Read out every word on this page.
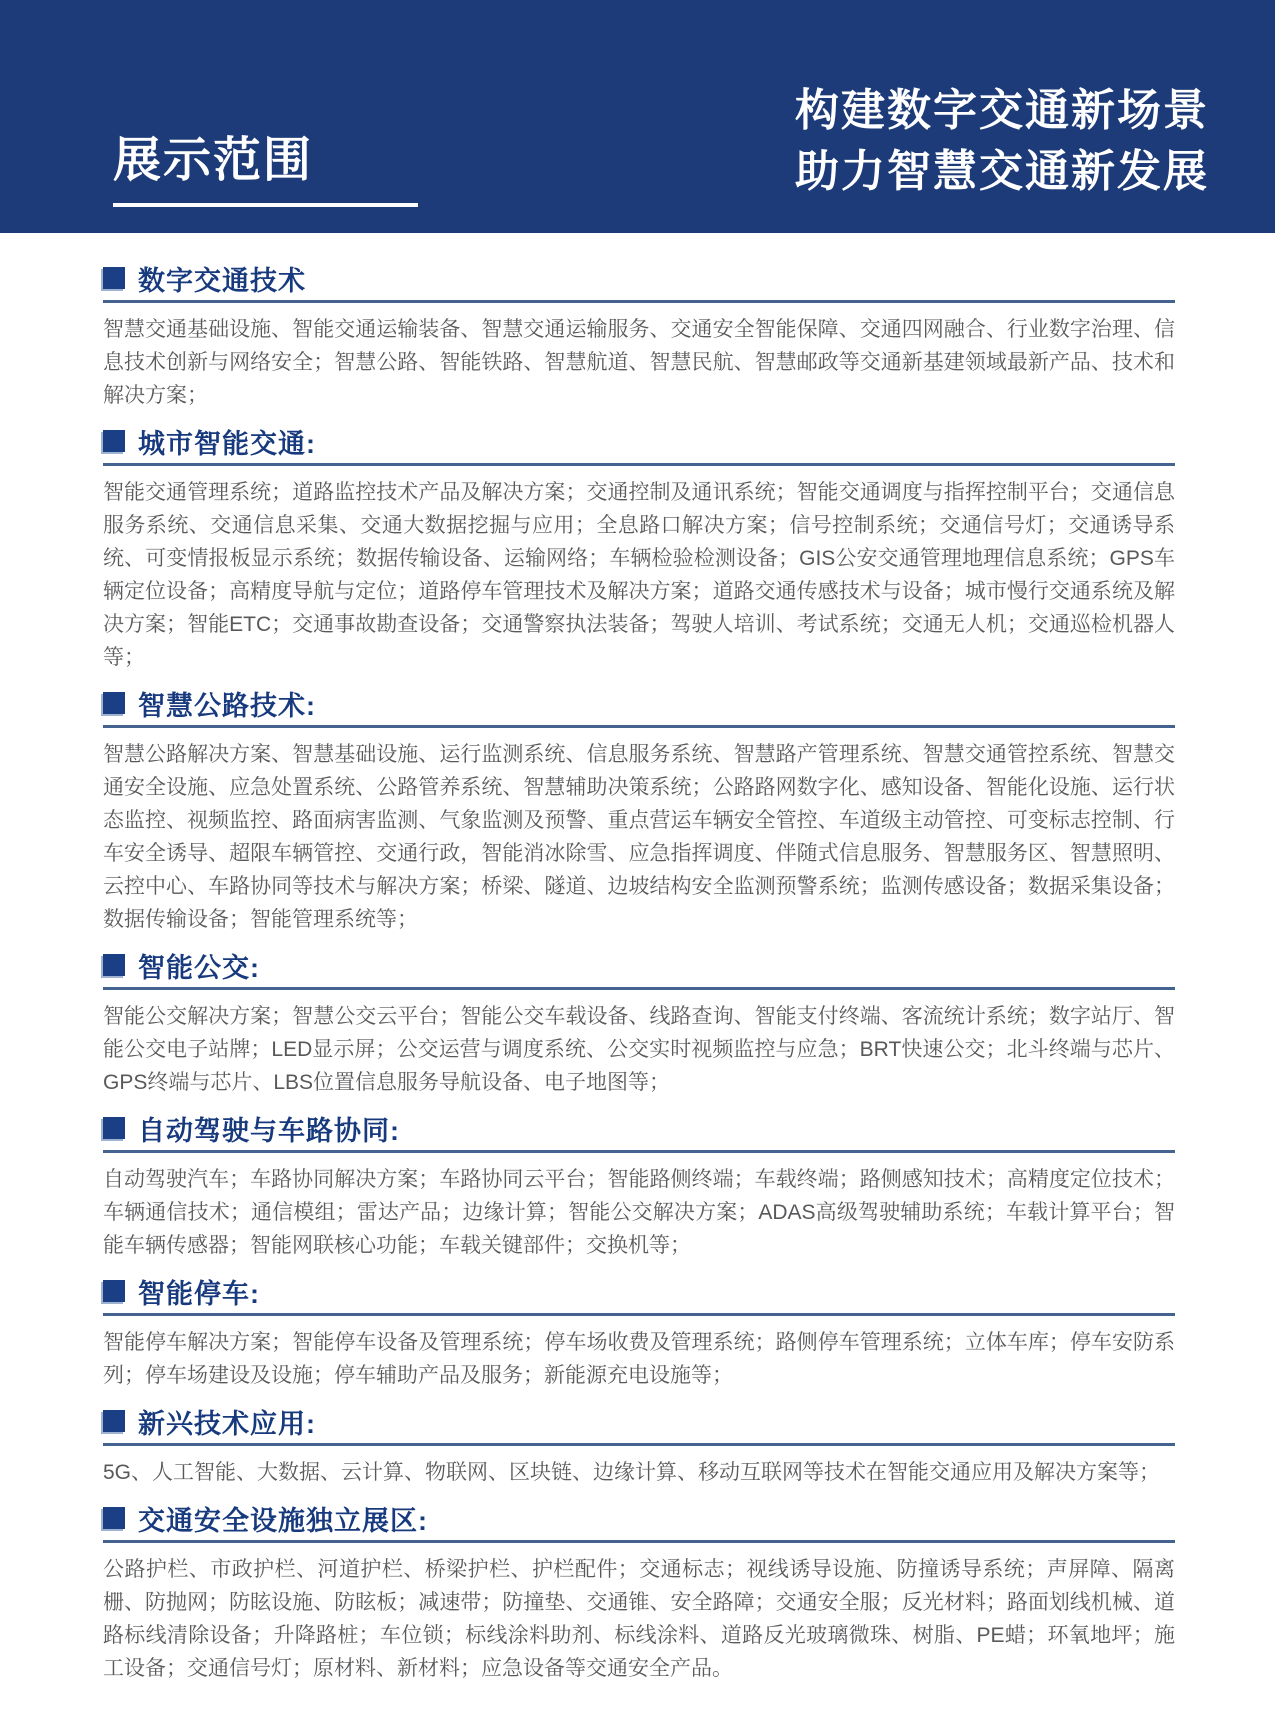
展示范围
构建数字交通新场景
助力智慧交通新发展
数字交通技术
智慧交通基础设施、智能交通运输装备、智慧交通运输服务、交通安全智能保障、交通四网融合、行业数字治理、信息技术创新与网络安全；智慧公路、智能铁路、智慧航道、智慧民航、智慧邮政等交通新基建领域最新产品、技术和解决方案；
城市智能交通:
智能交通管理系统；道路监控技术产品及解决方案；交通控制及通讯系统；智能交通调度与指挥控制平台；交通信息服务系统、交通信息采集、交通大数据挖掘与应用；全息路口解决方案；信号控制系统；交通信号灯；交通诱导系统、可变情报板显示系统；数据传输设备、运输网络；车辆检验检测设备；GIS公安交通管理地理信息系统；GPS车辆定位设备；高精度导航与定位；道路停车管理技术及解决方案；道路交通传感技术与设备；城市慢行交通系统及解决方案；智能ETC；交通事故勘查设备；交通警察执法装备；驾驶人培训、考试系统；交通无人机；交通巡检机器人等；
智慧公路技术:
智慧公路解决方案、智慧基础设施、运行监测系统、信息服务系统、智慧路产管理系统、智慧交通管控系统、智慧交通安全设施、应急处置系统、公路管养系统、智慧辅助决策系统；公路路网数字化、感知设备、智能化设施、运行状态监控、视频监控、路面病害监测、气象监测及预警、重点营运车辆安全管控、车道级主动管控、可变标志控制、行车安全诱导、超限车辆管控、交通行政，智能消冰除雪、应急指挥调度、伴随式信息服务、智慧服务区、智慧照明、云控中心、车路协同等技术与解决方案；桥梁、隧道、边坡结构安全监测预警系统；监测传感设备；数据采集设备；数据传输设备；智能管理系统等；
智能公交:
智能公交解决方案；智慧公交云平台；智能公交车载设备、线路查询、智能支付终端、客流统计系统；数字站厅、智能公交电子站牌；LED显示屏；公交运营与调度系统、公交实时视频监控与应急；BRT快速公交；北斗终端与芯片、GPS终端与芯片、LBS位置信息服务导航设备、电子地图等；
自动驾驶与车路协同:
自动驾驶汽车；车路协同解决方案；车路协同云平台；智能路侧终端；车载终端；路侧感知技术；高精度定位技术；车辆通信技术；通信模组；雷达产品；边缘计算；智能公交解决方案；ADAS高级驾驶辅助系统；车载计算平台；智能车辆传感器；智能网联核心功能；车载关键部件；交换机等；
智能停车:
智能停车解决方案；智能停车设备及管理系统；停车场收费及管理系统；路侧停车管理系统；立体车库；停车安防系列；停车场建设及设施；停车辅助产品及服务；新能源充电设施等；
新兴技术应用:
5G、人工智能、大数据、云计算、物联网、区块链、边缘计算、移动互联网等技术在智能交通应用及解决方案等；
交通安全设施独立展区:
公路护栏、市政护栏、河道护栏、桥梁护栏、护栏配件；交通标志；视线诱导设施、防撞诱导系统；声屏障、隔离栅、防抛网；防眩设施、防眩板；减速带；防撞垫、交通锥、安全路障；交通安全服；反光材料；路面划线机械、道路标线清除设备；升降路桩；车位锁；标线涂料助剂、标线涂料、道路反光玻璃微珠、树脂、PE蜡；环氧地坪；施工设备；交通信号灯；原材料、新材料；应急设备等交通安全产品。
